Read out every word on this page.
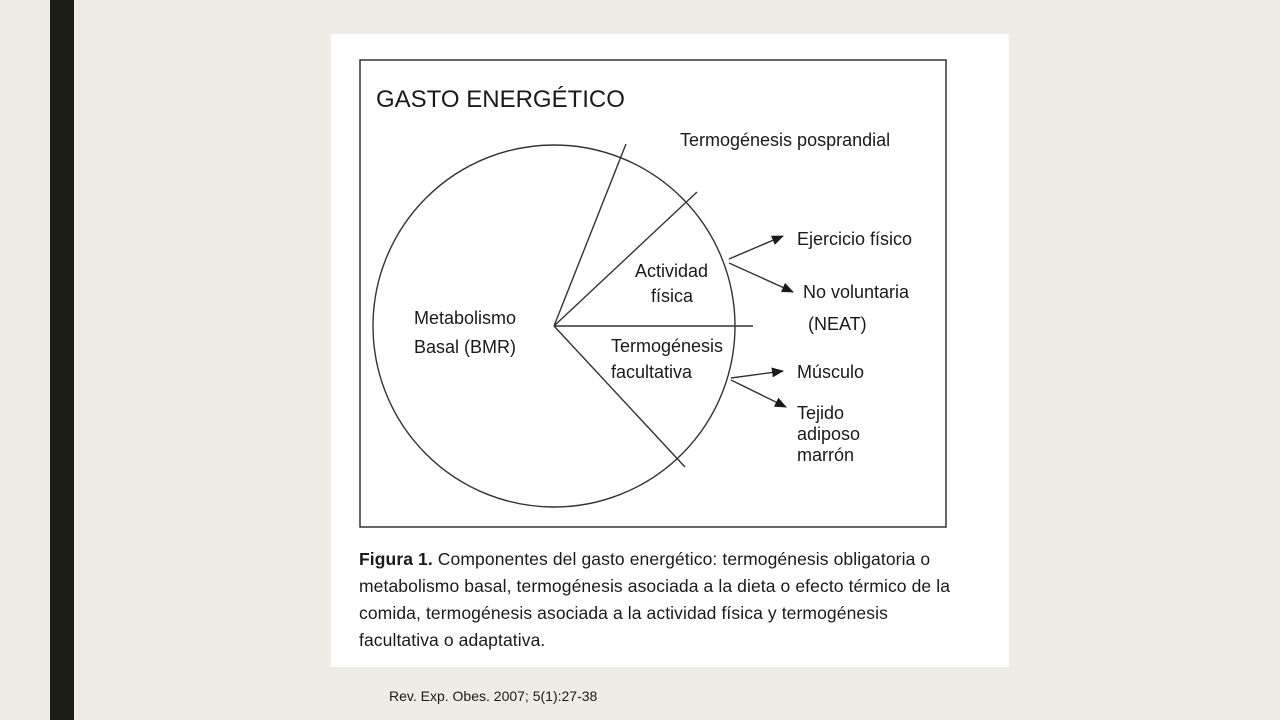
GASTO ENERGÉTICO
Termogénesis posprandial
Metabolismo
Basal (BMR)
Actividad
física
Termogénesis
facultativa
Ejercicio físico
No voluntaria
(NEAT)
Músculo
Tejido
adiposo
marrón
Figura 1. Componentes del gasto energético: termogénesis obligatoria o metabolismo basal, termogénesis asociada a la dieta o efecto térmico de la comida, termogénesis asociada a la actividad física y termogénesis facultativa o adaptativa.
Rev. Exp. Obes. 2007; 5(1):27-38
